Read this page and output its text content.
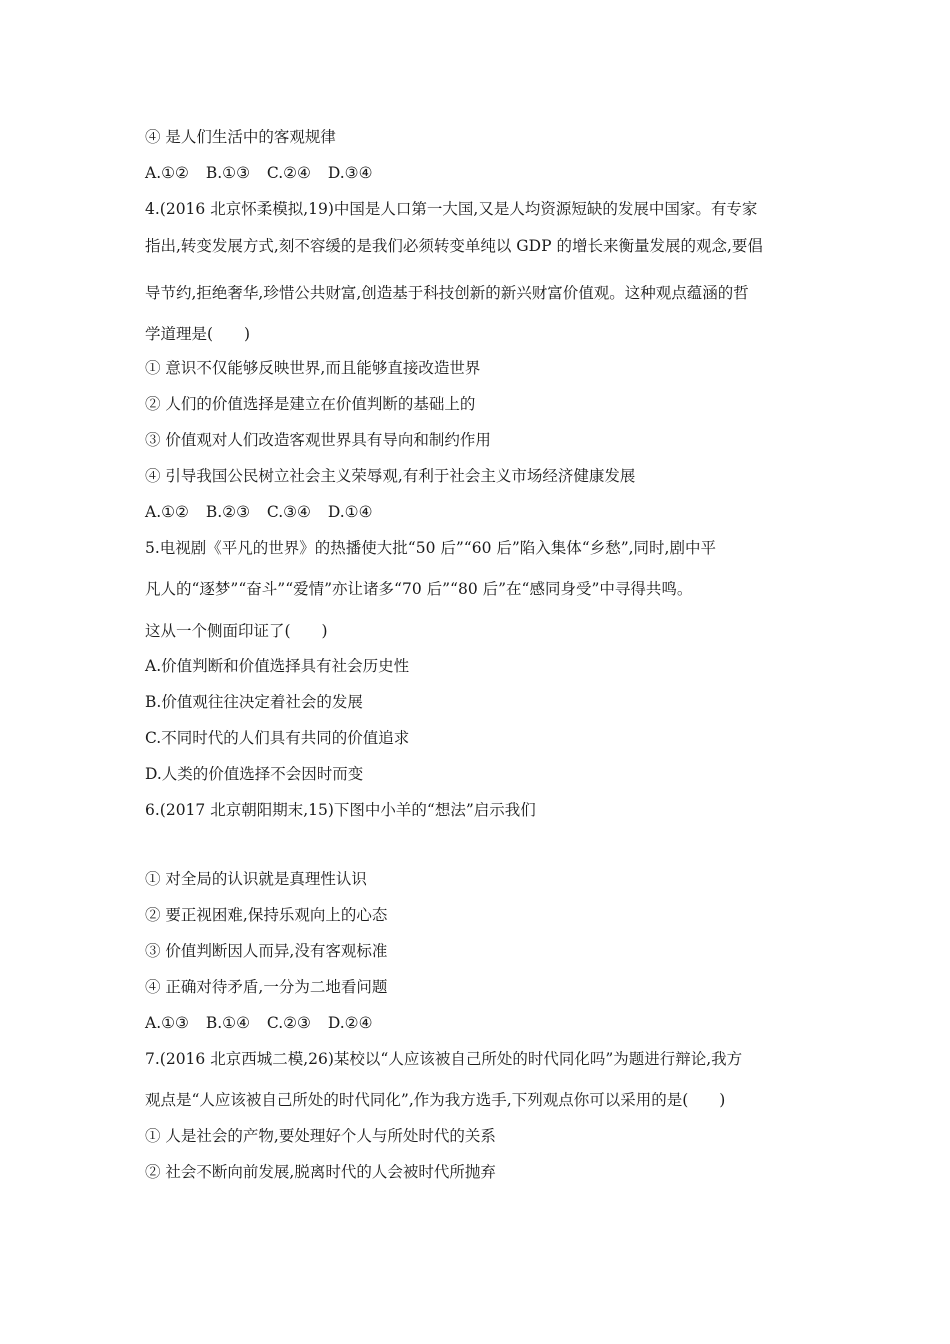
④ 是人们生活中的客观规律
A.①② B.①③ C.②④ D.③④
4.(2016 北京怀柔模拟,19)中国是人口第一大国,又是人均资源短缺的发展中国家。有专家
指出,转变发展方式,刻不容缓的是我们必须转变单纯以 GDP 的增长来衡量发展的观念,要倡
导节约,拒绝奢华,珍惜公共财富,创造基于科技创新的新兴财富价值观。这种观点蕴涵的哲
学道理是(　　)
① 意识不仅能够反映世界,而且能够直接改造世界
② 人们的价值选择是建立在价值判断的基础上的
③ 价值观对人们改造客观世界具有导向和制约作用
④ 引导我国公民树立社会主义荣辱观,有利于社会主义市场经济健康发展
A.①② B.②③ C.③④ D.①④
5.电视剧《平凡的世界》的热播使大批“50 后”“60 后”陷入集体“乡愁”,同时,剧中平
凡人的“逐梦”“奋斗”“爱情”亦让诸多“70 后”“80 后”在“感同身受”中寻得共鸣。
这从一个侧面印证了(　　)
A.价值判断和价值选择具有社会历史性
B.价值观往往决定着社会的发展
C.不同时代的人们具有共同的价值追求
D.人类的价值选择不会因时而变
6.(2017 北京朝阳期末,15)下图中小羊的“想法”启示我们
① 对全局的认识就是真理性认识
② 要正视困难,保持乐观向上的心态
③ 价值判断因人而异,没有客观标准
④ 正确对待矛盾,一分为二地看问题
A.①③ B.①④ C.②③ D.②④
7.(2016 北京西城二模,26)某校以“人应该被自己所处的时代同化吗”为题进行辩论,我方
观点是“人应该被自己所处的时代同化”,作为我方选手,下列观点你可以采用的是(　　)
① 人是社会的产物,要处理好个人与所处时代的关系
② 社会不断向前发展,脱离时代的人会被时代所抛弃
